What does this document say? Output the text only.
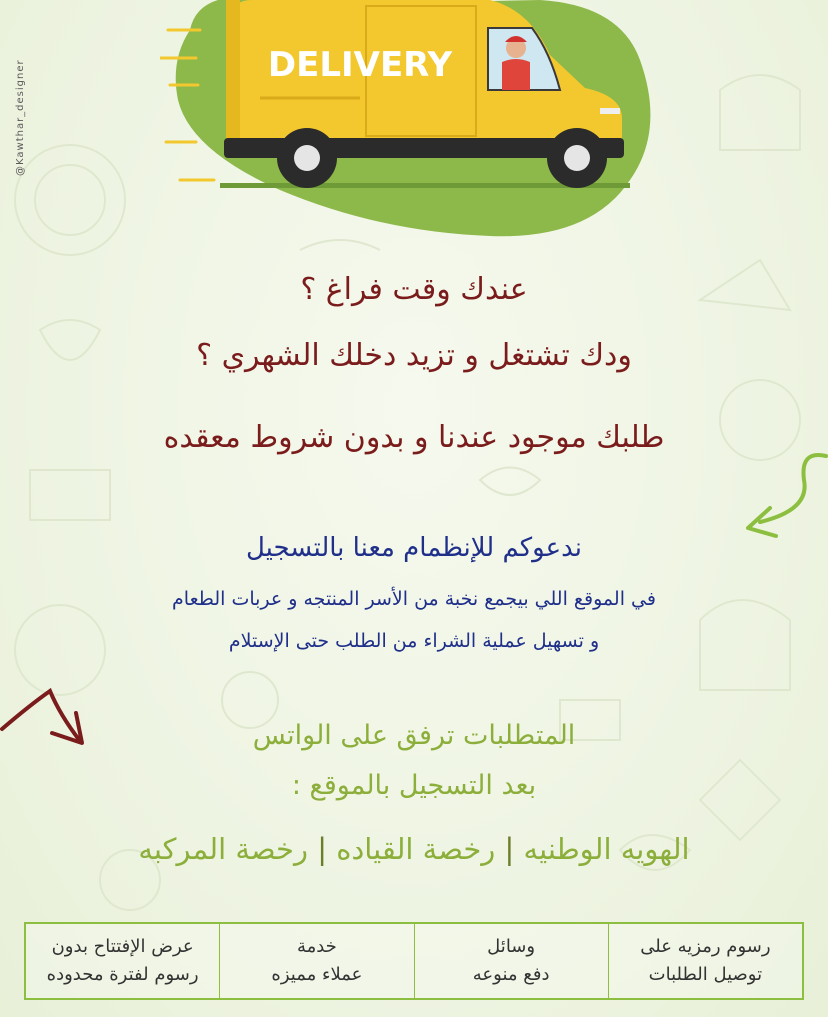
@Kawthar_designer	DELIVERY
عندك وقت فراغ ؟
ودك تشتغل و تزيد دخلك الشهري ؟
طلبك موجود عندنا و بدون شروط معقده
ندعوكم للإنظمام معنا بالتسجيل
في الموقع اللي بيجمع نخبة من الأسر المنتجه و عربات الطعام
و تسهيل عملية الشراء من الطلب حتى الإستلام
المتطلبات ترفق على الواتس
بعد التسجيل بالموقع :
الهويه الوطنيه | رخصة القياده | رخصة المركبه
رسوم رمزيه على
توصيل الطلبات
وسائل
دفع منوعه
خدمة
عملاء مميزه
عرض الإفتتاح بدون
رسوم لفترة محدوده
